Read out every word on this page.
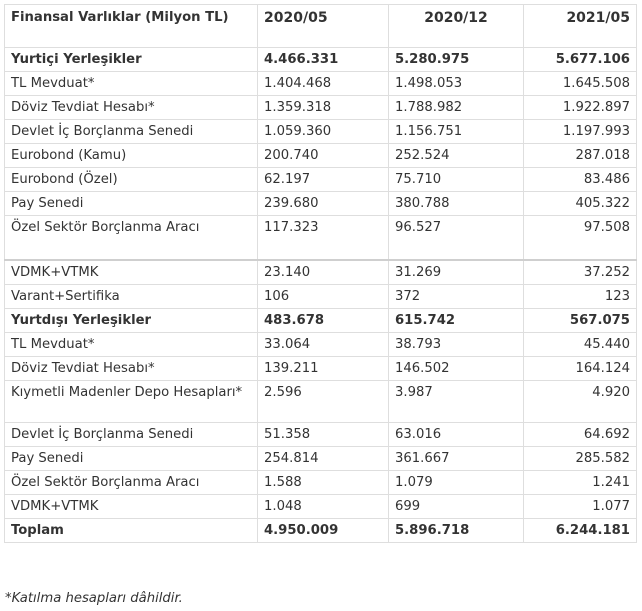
Finansal Varlıklar (Milyon TL)	2020/05	2020/12	2021/05
Yurtiçi Yerleşikler	4.466.331	5.280.975	5.677.106
TL Mevduat*	1.404.468	1.498.053	1.645.508
Döviz Tevdiat Hesabı*	1.359.318	1.788.982	1.922.897
Devlet İç Borçlanma Senedi	1.059.360	1.156.751	1.197.993
Eurobond (Kamu)	200.740	252.524	287.018
Eurobond (Özel)	62.197	75.710	83.486
Pay Senedi	239.680	380.788	405.322
Özel Sektör Borçlanma Aracı	117.323	96.527	97.508
VDMK+VTMK	23.140	31.269	37.252
Varant+Sertifika	106	372	123
Yurtdışı Yerleşikler	483.678	615.742	567.075
TL Mevduat*	33.064	38.793	45.440
Döviz Tevdiat Hesabı*	139.211	146.502	164.124
Kıymetli Madenler Depo Hesapları*	2.596	3.987	4.920
Devlet İç Borçlanma Senedi	51.358	63.016	64.692
Pay Senedi	254.814	361.667	285.582
Özel Sektör Borçlanma Aracı	1.588	1.079	1.241
VDMK+VTMK	1.048	699	1.077
Toplam	4.950.009	5.896.718	6.244.181
*Katılma hesapları dâhildir.
